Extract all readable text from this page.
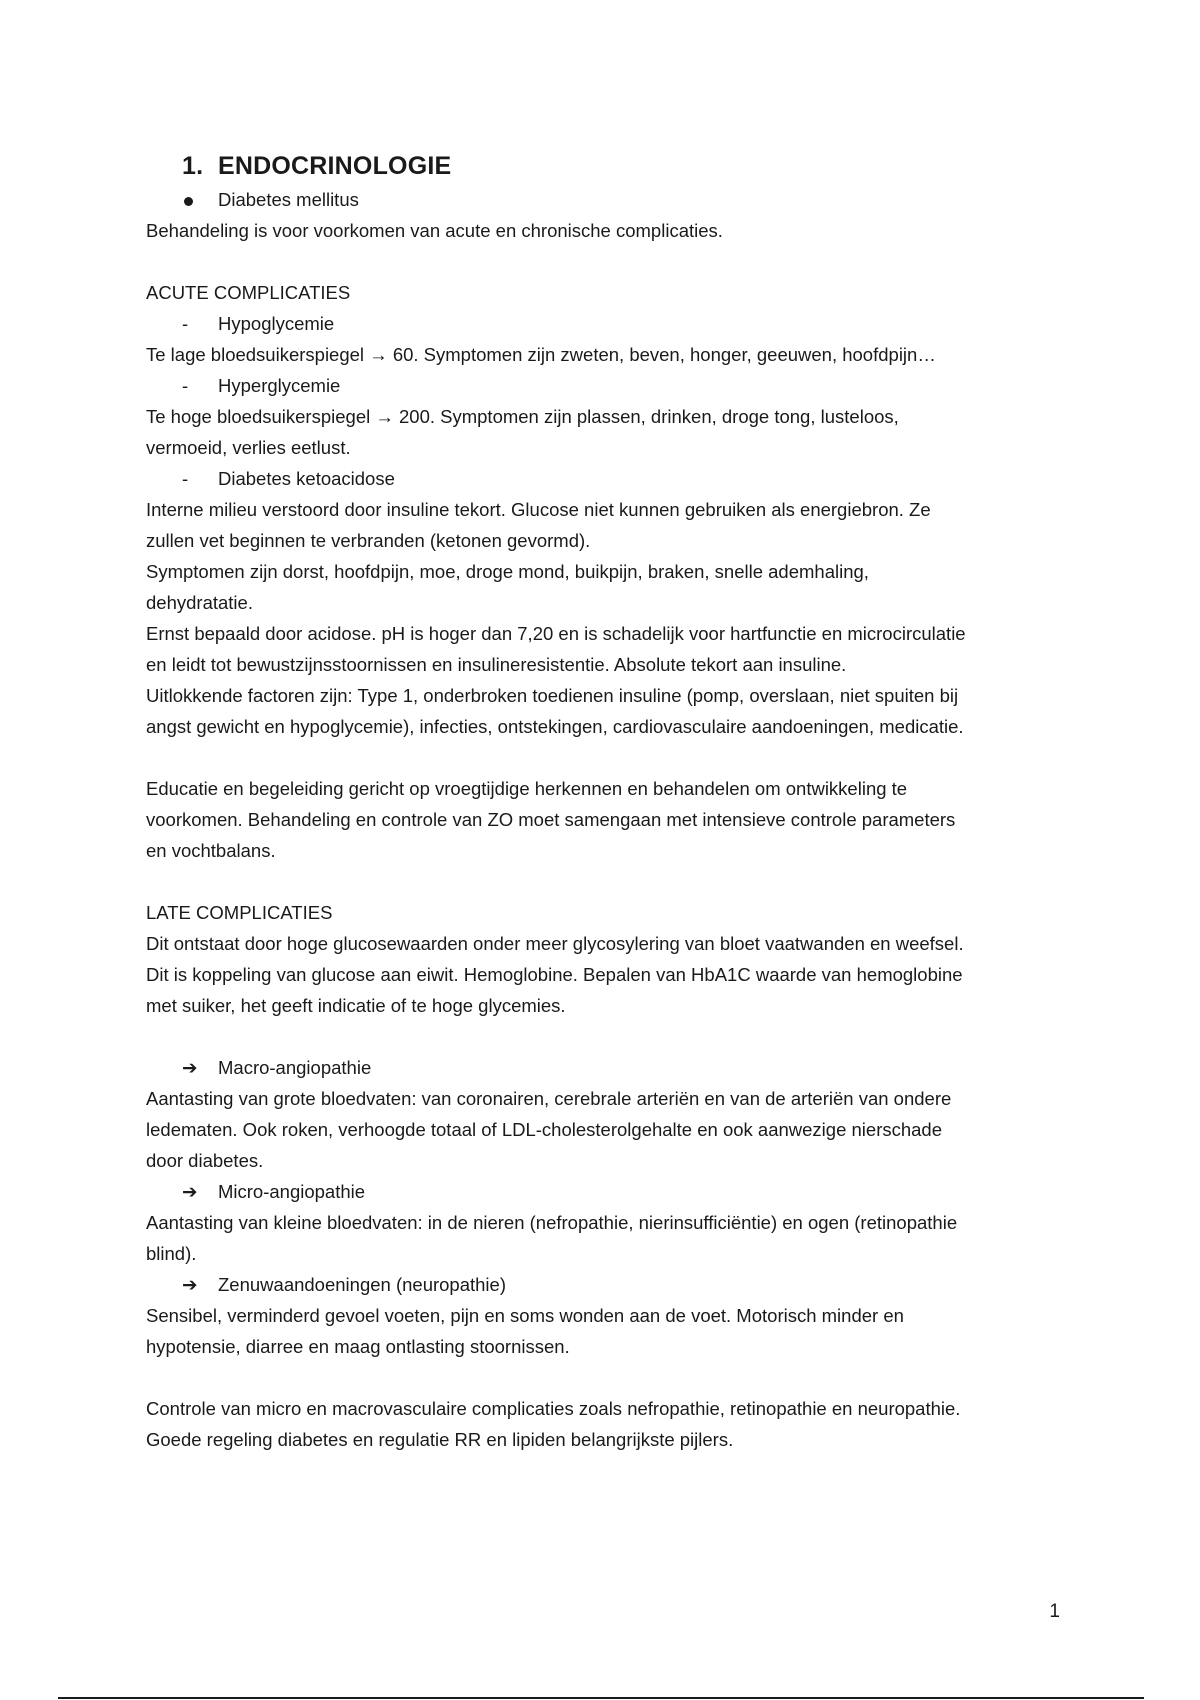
1. ENDOCRINOLOGIE
Diabetes mellitus

Behandeling is voor voorkomen van acute en chronische complicaties.

ACUTE COMPLICATIES

-	Hypoglycemie

Te lage bloedsuikerspiegel → 60. Symptomen zijn zweten, beven, honger, geeuwen, hoofdpijn…

-	Hyperglycemie

Te hoge bloedsuikerspiegel → 200. Symptomen zijn plassen, drinken, droge tong, lusteloos,

vermoeid, verlies eetlust.

-	Diabetes ketoacidose

Interne milieu verstoord door insuline tekort. Glucose niet kunnen gebruiken als energiebron. Ze

zullen vet beginnen te verbranden (ketonen gevormd).

Symptomen zijn dorst, hoofdpijn, moe, droge mond, buikpijn, braken, snelle ademhaling,

dehydratatie.

Ernst bepaald door acidose. pH is hoger dan 7,20 en is schadelijk voor hartfunctie en microcirculatie

en leidt tot bewustzijnsstoornissen en insulineresistentie. Absolute tekort aan insuline.

Uitlokkende factoren zijn: Type 1, onderbroken toedienen insuline (pomp, overslaan, niet spuiten bij

angst gewicht en hypoglycemie), infecties, ontstekingen, cardiovasculaire aandoeningen, medicatie.

Educatie en begeleiding gericht op vroegtijdige herkennen en behandelen om ontwikkeling te

voorkomen. Behandeling en controle van ZO moet samengaan met intensieve controle parameters

en vochtbalans.

LATE COMPLICATIES

Dit ontstaat door hoge glucosewaarden onder meer glycosylering van bloet vaatwanden en weefsel.

Dit is koppeling van glucose aan eiwit. Hemoglobine. Bepalen van HbA1C waarde van hemoglobine

met suiker, het geeft indicatie of te hoge glycemies.

➔	Macro-angiopathie

Aantasting van grote bloedvaten: van coronairen, cerebrale arteriën en van de arteriën van ondere

ledematen. Ook roken, verhoogde totaal of LDL-cholesterolgehalte en ook aanwezige nierschade

door diabetes.

➔	Micro-angiopathie

Aantasting van kleine bloedvaten: in de nieren (nefropathie, nierinsufficiëntie) en ogen (retinopathie

blind).

➔	Zenuwaandoeningen (neuropathie)

Sensibel, verminderd gevoel voeten, pijn en soms wonden aan de voet. Motorisch minder en

hypotensie, diarree en maag ontlasting stoornissen.

Controle van micro en macrovasculaire complicaties zoals nefropathie, retinopathie en neuropathie.

Goede regeling diabetes en regulatie RR en lipiden belangrijkste pijlers.

1
